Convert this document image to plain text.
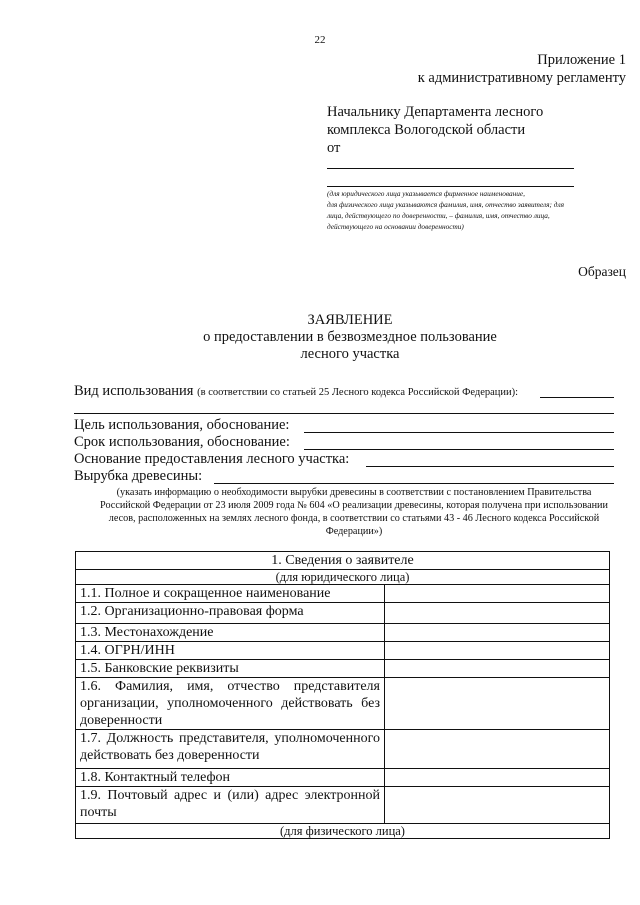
22
Приложение 1
к административному регламенту
Начальнику Департамента лесного
комплекса Вологодской области
от
(для юридического лица указывается фирменное наименование,
для физического лица указываются фамилия, имя, отчество заявителя; для
лица, действующего по доверенности, – фамилия, имя, отчество лица,
действующего на основании доверенности)
Образец
ЗАЯВЛЕНИЕ
о предоставлении в безвозмездное пользование
лесного участка
Вид использования (в соответствии со статьей 25 Лесного кодекса Российской Федерации):
Цель использования, обоснование:
Срок использования, обоснование:
Основание предоставления лесного участка:
Вырубка древесины:
(указать информацию о необходимости вырубки древесины в соответствии с постановлением Правительства
Российской Федерации от 23 июля 2009 года № 604 «О реализации древесины, которая получена при использовании
лесов, расположенных на землях лесного фонда, в соответствии со статьями 43 - 46 Лесного кодекса Российской
Федерации»)
1. Сведения о заявителе	
(для юридического лица)	
1.1. Полное и сокращенное наименование	
1.2. Организационно-правовая форма	
1.3. Местонахождение	
1.4. ОГРН/ИНН	
1.5. Банковские реквизиты	
1.6. Фамилия, имя, отчество представителя организации, уполномоченного действовать без доверенности	
1.7. Должность представителя, уполномоченного действовать без доверенности	
1.8. Контактный телефон	
1.9. Почтовый адрес и (или) адрес электронной почты	
(для физического лица)	
